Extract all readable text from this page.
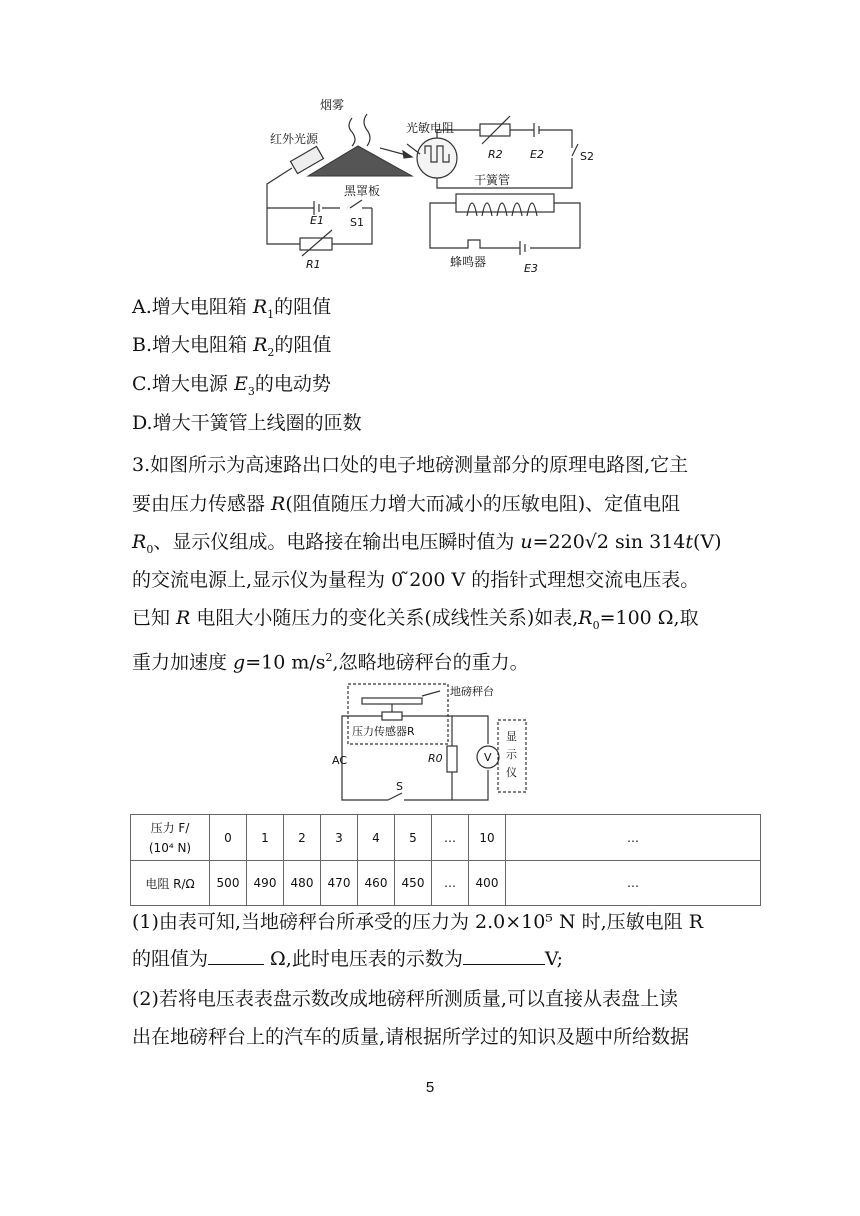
烟雾
红外光源
黑罩板
光敏电阻
干簧管
蜂鸣器
R1
R2
E1
E2
E3
S1
S2
A.增大电阻箱 $R_1$的阻值
B.增大电阻箱 $R_2$的阻值
C.增大电源 $E_3$的电动势
D.增大干簧管上线圈的匝数
3.如图所示为高速路出口处的电子地磅测量部分的原理电路图,它主
要由压力传感器 R(阻值随压力增大而减小的压敏电阻)、定值电阻
$R_0$、显示仪组成。电路接在输出电压瞬时值为 u=220√2 sin 314t(V)
的交流电源上,显示仪为量程为 0 ̃200 V 的指针式理想交流电压表。
已知 R 电阻大小随压力的变化关系(成线性关系)如表$,R_0=100$ Ω,取
重力加速度 g=10 $m/s^2$,忽略地磅秤台的重力。
地磅秤台
压力传感器R
AC	R0
S
V
显
示
仪
压力 F/
(10⁴ N)	0	1	2	3	4	5	…	10	…
电阻 R/Ω	500	490	480	470	460	450	…	400	…
(1)由表可知,当地磅秤台所承受的压力为 2.0×10⁵ N 时,压敏电阻 R
的阻值为	Ω,此时电压表的示数为	V;
(2)若将电压表表盘示数改成地磅秤所测质量,可以直接从表盘上读
出在地磅秤台上的汽车的质量,请根据所学过的知识及题中所给数据
5
